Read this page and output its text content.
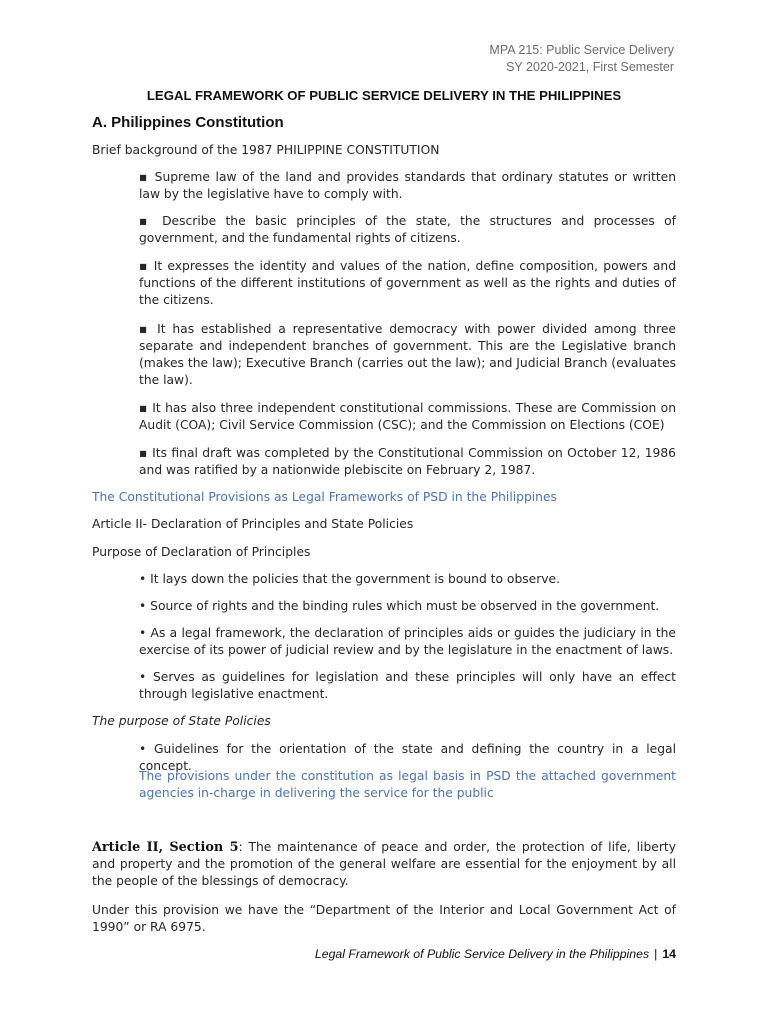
MPA 215: Public Service Delivery
SY 2020-2021, First Semester
LEGAL FRAMEWORK OF PUBLIC SERVICE DELIVERY IN THE PHILIPPINES
A. Philippines Constitution
Brief background of the 1987 PHILIPPINE CONSTITUTION
▪ Supreme law of the land and provides standards that ordinary statutes or written law by the legislative have to comply with.
▪ Describe the basic principles of the state, the structures and processes of government, and the fundamental rights of citizens.
▪ It expresses the identity and values of the nation, define composition, powers and functions of the different institutions of government as well as the rights and duties of the citizens.
▪ It has established a representative democracy with power divided among three separate and independent branches of government. This are the Legislative branch (makes the law); Executive Branch (carries out the law); and Judicial Branch (evaluates the law).
▪ It has also three independent constitutional commissions. These are Commission on Audit (COA); Civil Service Commission (CSC); and the Commission on Elections (COE)
▪ Its final draft was completed by the Constitutional Commission on October 12, 1986 and was ratified by a nationwide plebiscite on February 2, 1987.
The Constitutional Provisions as Legal Frameworks of PSD in the Philippines
Article II- Declaration of Principles and State Policies
Purpose of Declaration of Principles
• It lays down the policies that the government is bound to observe.
• Source of rights and the binding rules which must be observed in the government.
• As a legal framework, the declaration of principles aids or guides the judiciary in the exercise of its power of judicial review and by the legislature in the enactment of laws.
• Serves as guidelines for legislation and these principles will only have an effect through legislative enactment.
The purpose of State Policies
• Guidelines for the orientation of the state and defining the country in a legal concept.
The provisions under the constitution as legal basis in PSD the attached government agencies in-charge in delivering the service for the public
Article II, Section 5: The maintenance of peace and order, the protection of life, liberty and property and the promotion of the general welfare are essential for the enjoyment by all the people of the blessings of democracy.
Under this provision we have the “Department of the Interior and Local Government Act of 1990” or RA 6975.
Legal Framework of Public Service Delivery in the Philippines | 14
